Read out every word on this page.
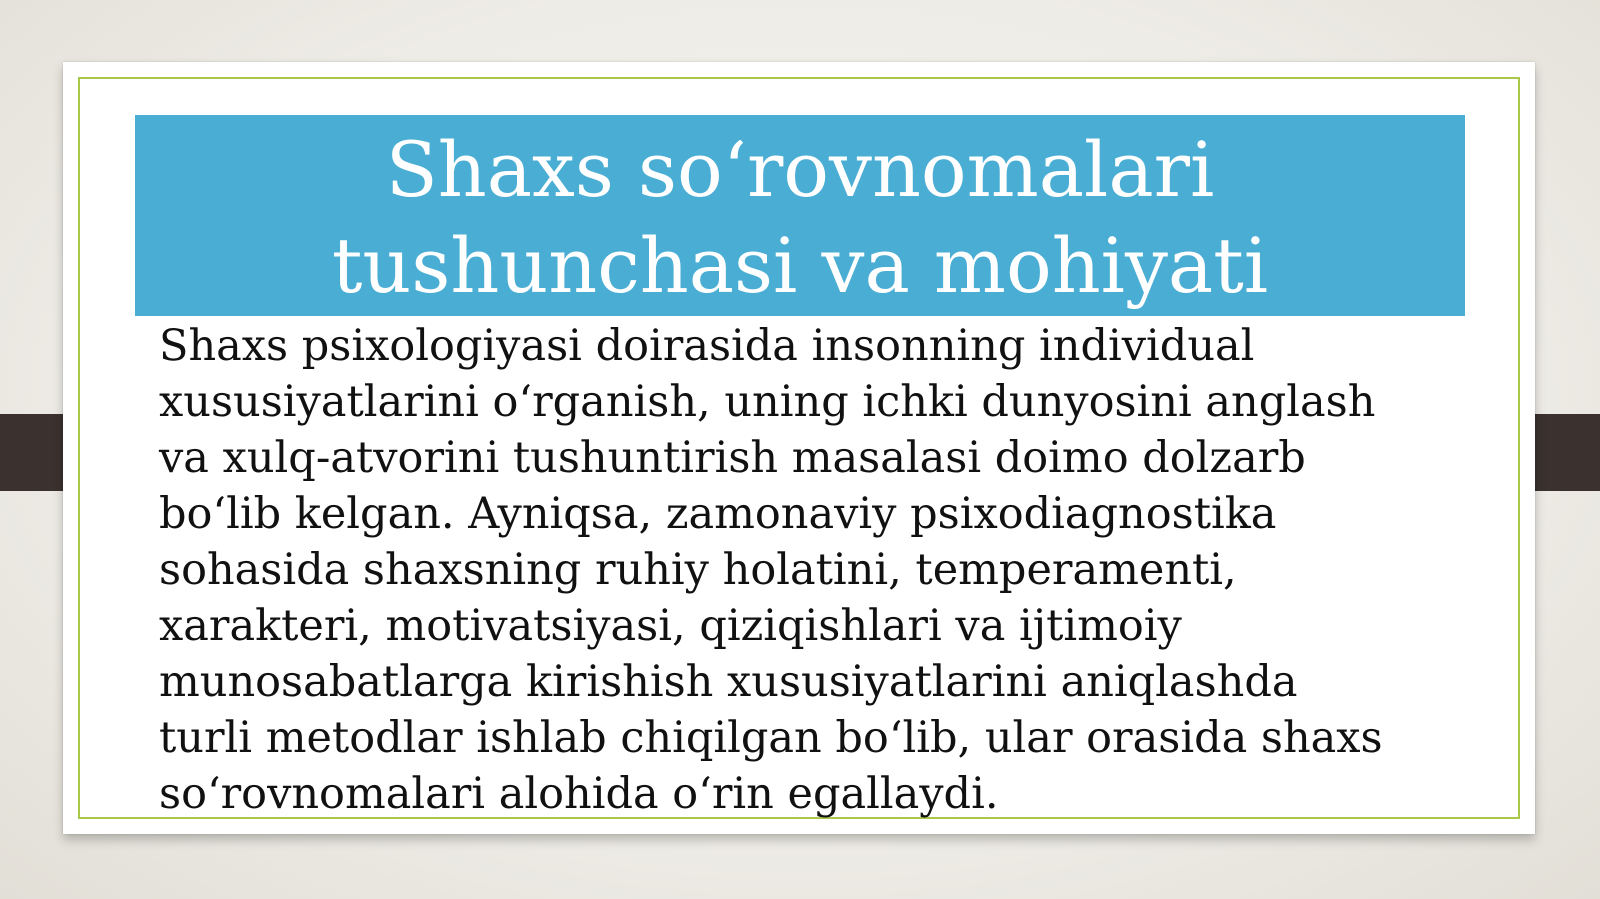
Shaxs so‘rovnomalari tushunchasi va mohiyati
Shaxs psixologiyasi doirasida insonning individual
xususiyatlarini o‘rganish, uning ichki dunyosini anglash
va xulq-atvorini tushuntirish masalasi doimo dolzarb
bo‘lib kelgan. Ayniqsa, zamonaviy psixodiagnostika
sohasida shaxsning ruhiy holatini, temperamenti,
xarakteri, motivatsiyasi, qiziqishlari va ijtimoiy
munosabatlarga kirishish xususiyatlarini aniqlashda
turli metodlar ishlab chiqilgan bo‘lib, ular orasida shaxs
so‘rovnomalari alohida o‘rin egallaydi.
